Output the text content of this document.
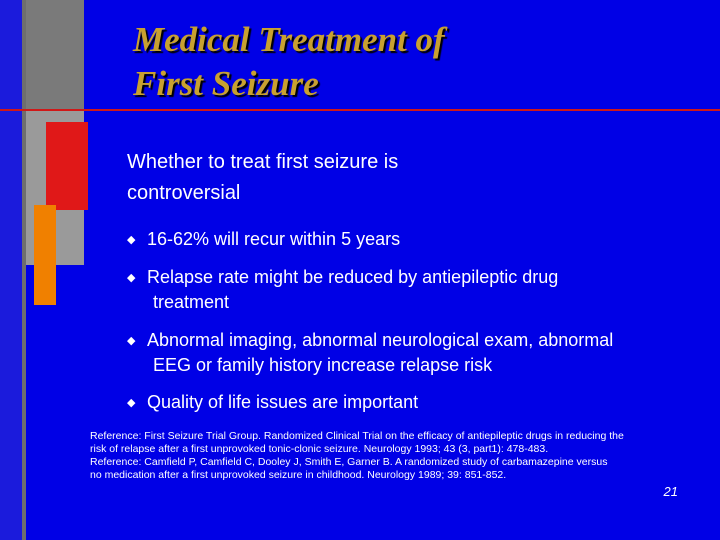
Medical Treatment of
First Seizure
Whether to treat first seizure is
controversial
◆ 16-62% will recur within 5 years
◆ Relapse rate might be reduced by antiepileptic drug
treatment
◆ Abnormal imaging, abnormal neurological exam, abnormal
EEG or family history increase relapse risk
◆ Quality of life issues are important
Reference: First Seizure Trial Group. Randomized Clinical Trial on the efficacy of antiepileptic drugs in reducing the
risk of relapse after a first unprovoked tonic-clonic seizure. Neurology 1993; 43 (3, part1): 478-483.
Reference: Camfield P, Camfield C, Dooley J, Smith E, Garner B. A randomized study of carbamazepine versus
no medication after a first unprovoked seizure in childhood. Neurology 1989; 39: 851-852.
21
